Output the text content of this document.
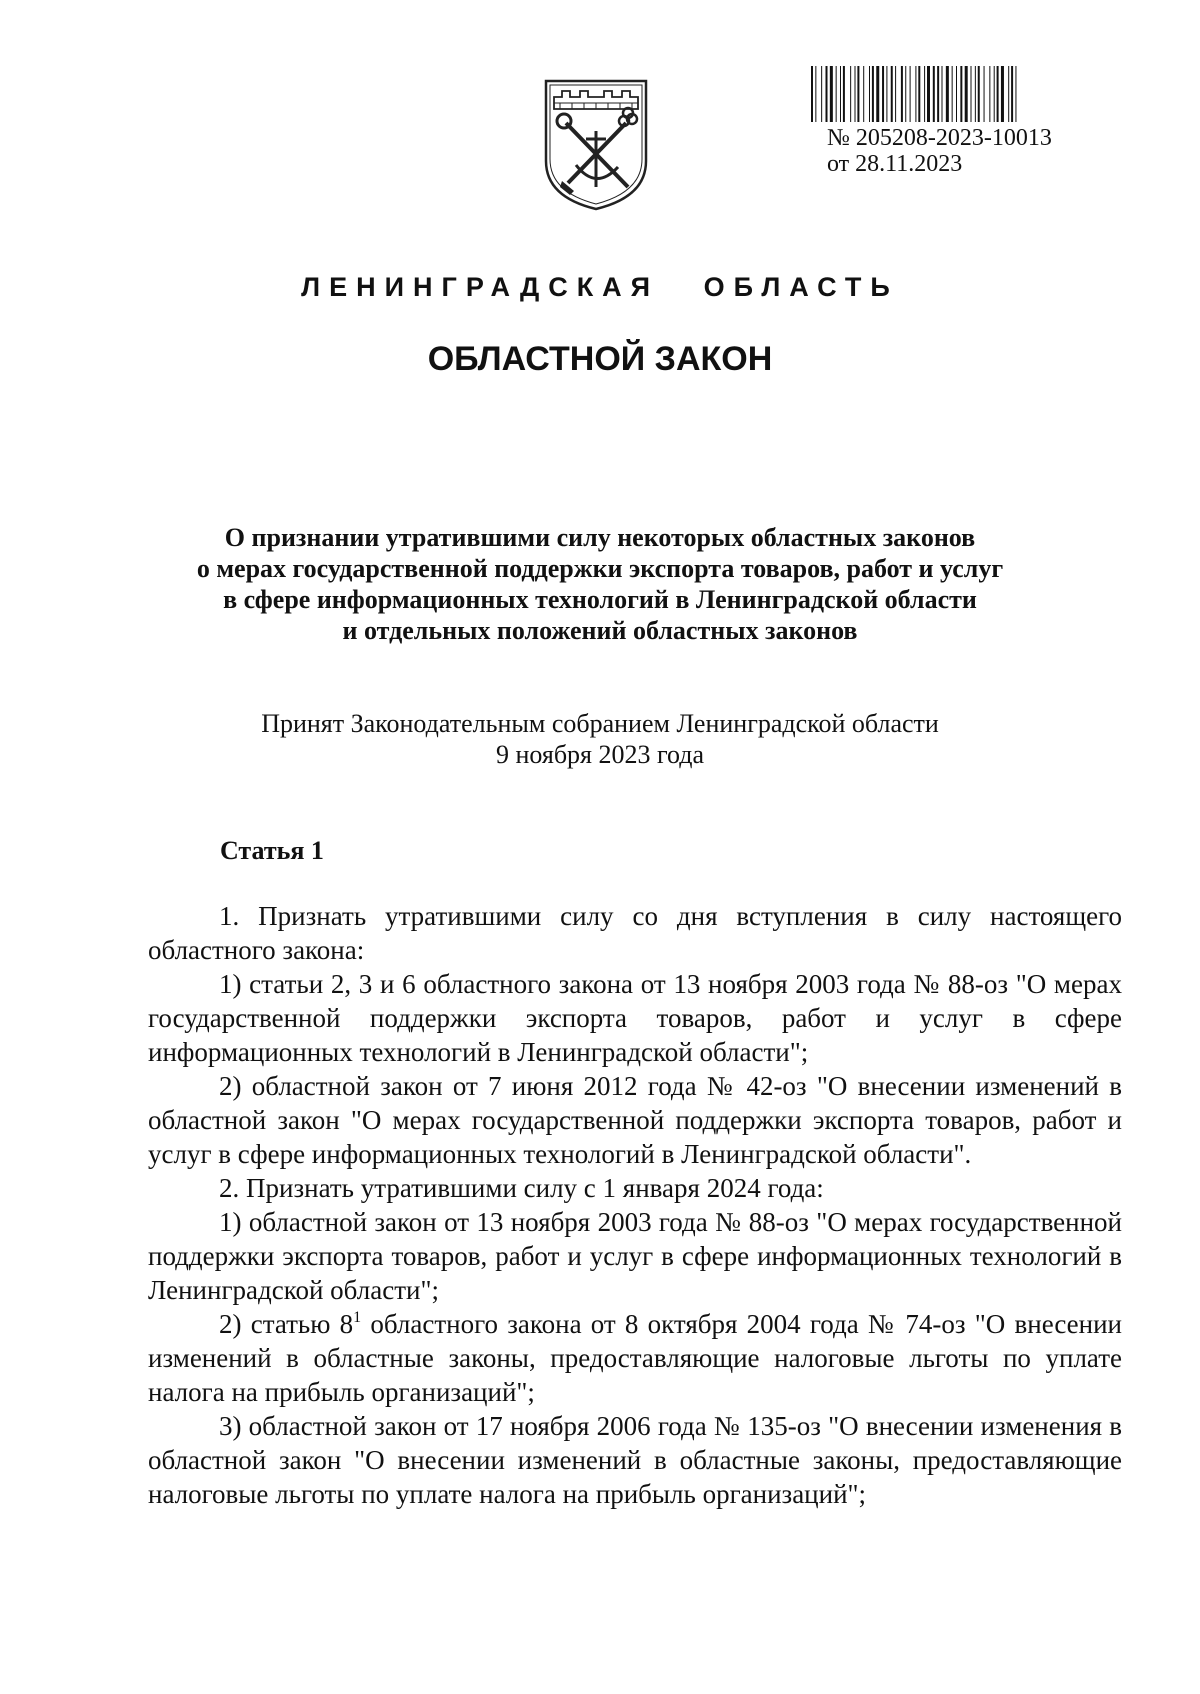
№ 205208-2023-10013
от 28.11.2023
ЛЕНИНГРАДСКАЯ ОБЛАСТЬ
ОБЛАСТНОЙ ЗАКОН
О признании утратившими силу некоторых областных законов
о мерах государственной поддержки экспорта товаров, работ и услуг
в сфере информационных технологий в Ленинградской области
и отдельных положений областных законов
Принят Законодательным собранием Ленинградской области
9 ноября 2023 года
Статья 1

1. Признать утратившими силу со дня вступления в силу настоящего областного закона:

1) статьи 2, 3 и 6 областного закона от 13 ноября 2003 года № 88-оз "О мерах государственной поддержки экспорта товаров, работ и услуг в сфере информационных технологий в Ленинградской области";

2) областной закон от 7 июня 2012 года № 42-оз "О внесении изменений в областной закон "О мерах государственной поддержки экспорта товаров, работ и услуг в сфере информационных технологий в Ленинградской области".

2. Признать утратившими силу с 1 января 2024 года:

1) областной закон от 13 ноября 2003 года № 88-оз "О мерах государственной поддержки экспорта товаров, работ и услуг в сфере информационных технологий в Ленинградской области";

2) статью $8^1$ областного закона от 8 октября 2004 года № 74-оз "О внесении изменений в областные законы, предоставляющие налоговые льготы по уплате налога на прибыль организаций";

3) областной закон от 17 ноября 2006 года № 135-оз "О внесении изменения в областной закон "О внесении изменений в областные законы, предоставляющие налоговые льготы по уплате налога на прибыль организаций";
